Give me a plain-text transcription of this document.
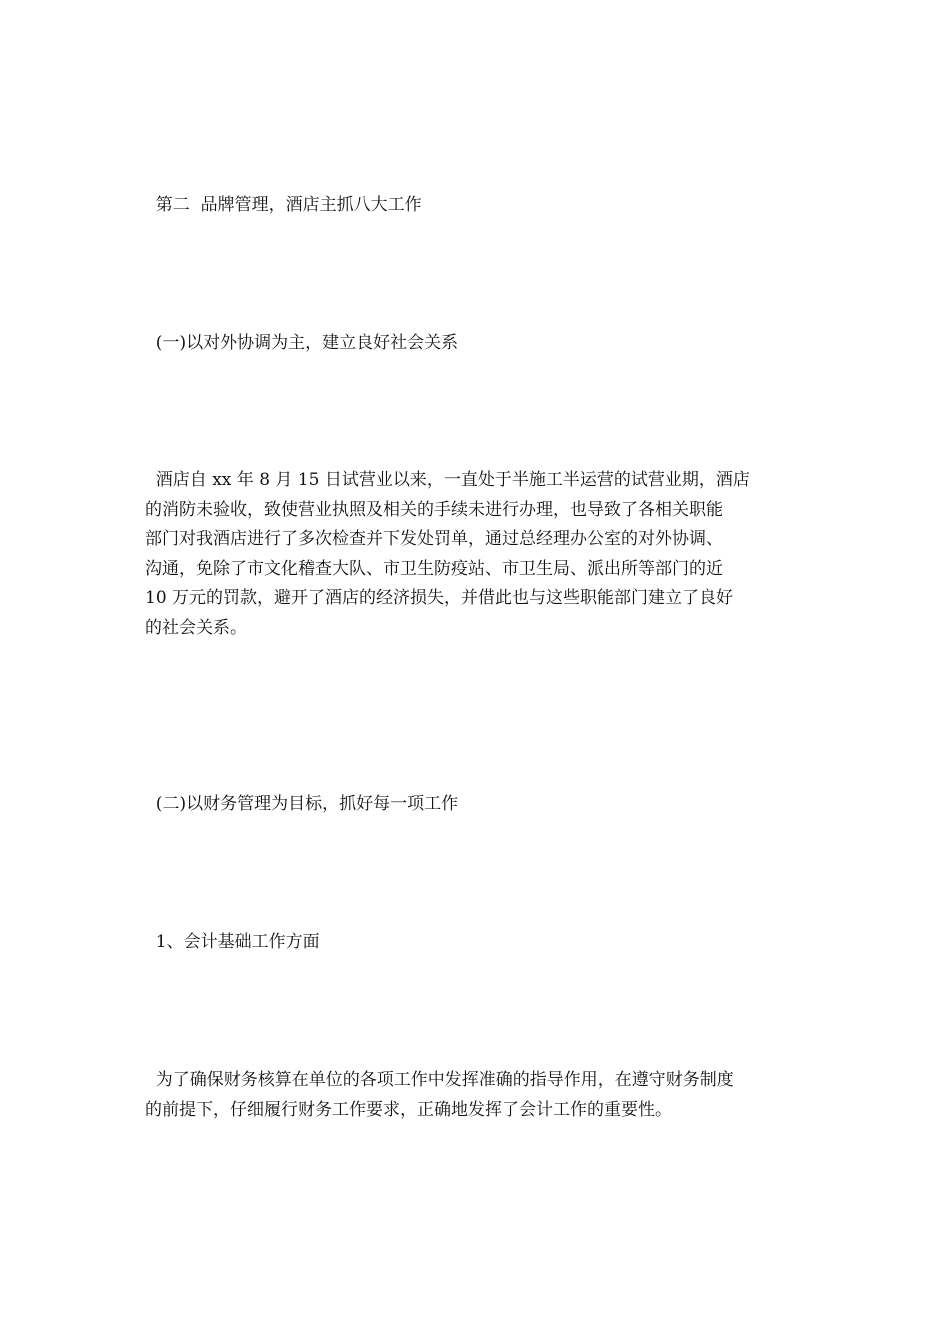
第二  品牌管理，酒店主抓八大工作

(一)以对外协调为主，建立良好社会关系

酒店自 xx 年 8 月 15 日试营业以来，一直处于半施工半运营的试营业期，酒店
的消防未验收，致使营业执照及相关的手续未进行办理，也导致了各相关职能
部门对我酒店进行了多次检查并下发处罚单，通过总经理办公室的对外协调、
沟通，免除了市文化稽查大队、市卫生防疫站、市卫生局、派出所等部门的近
10 万元的罚款，避开了酒店的经济损失，并借此也与这些职能部门建立了良好
的社会关系。

(二)以财务管理为目标，抓好每一项工作

1、会计基础工作方面

为了确保财务核算在单位的各项工作中发挥准确的指导作用，在遵守财务制度
的前提下，仔细履行财务工作要求，正确地发挥了会计工作的重要性。
